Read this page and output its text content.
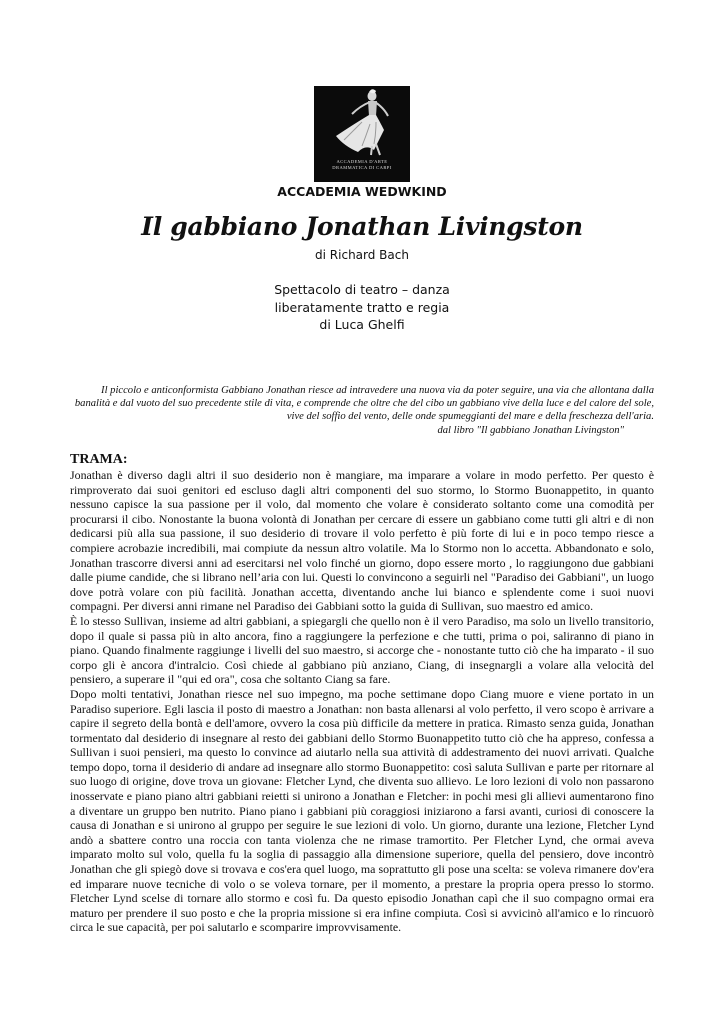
ACCADEMIA D'ARTE
DRAMMATICA DI CARPI
ACCADEMIA WEDWKIND
Il gabbiano Jonathan Livingston
di Richard Bach
Spettacolo di teatro – danza
liberatamente tratto e regia
di Luca Ghelfi
Il piccolo e anticonformista Gabbiano Jonathan riesce ad intravedere una nuova via da poter seguire, una via che allontana dalla banalità e dal vuoto del suo precedente stile di vita, e comprende che oltre che del cibo un gabbiano vive della luce e del calore del sole, vive del soffio del vento, delle onde spumeggianti del mare e della freschezza dell'aria.
dal libro "Il gabbiano Jonathan Livingston"
TRAMA:

Jonathan è diverso dagli altri il suo desiderio non è mangiare, ma imparare a volare in modo perfetto. Per questo è rimproverato dai suoi genitori ed escluso dagli altri componenti del suo stormo, lo Stormo Buonappetito, in quanto nessuno capisce la sua passione per il volo, dal momento che volare è considerato soltanto come una comodità per procurarsi il cibo. Nonostante la buona volontà di Jonathan per cercare di essere un gabbiano come tutti gli altri e di non dedicarsi più alla sua passione, il suo desiderio di trovare il volo perfetto è più forte di lui e in poco tempo riesce a compiere acrobazie incredibili, mai compiute da nessun altro volatile. Ma lo Stormo non lo accetta. Abbandonato e solo, Jonathan trascorre diversi anni ad esercitarsi nel volo finché un giorno, dopo essere morto , lo raggiungono due gabbiani dalle piume candide, che si librano nell’aria con lui. Questi lo convincono a seguirli nel "Paradiso dei Gabbiani", un luogo dove potrà volare con più facilità. Jonathan accetta, diventando anche lui bianco e splendente come i suoi nuovi compagni. Per diversi anni rimane nel Paradiso dei Gabbiani sotto la guida di Sullivan, suo maestro ed amico.

È lo stesso Sullivan, insieme ad altri gabbiani, a spiegargli che quello non è il vero Paradiso, ma solo un livello transitorio, dopo il quale si passa più in alto ancora, fino a raggiungere la perfezione e che tutti, prima o poi, saliranno di piano in piano. Quando finalmente raggiunge i livelli del suo maestro, si accorge che - nonostante tutto ciò che ha imparato - il suo corpo gli è ancora d'intralcio. Così chiede al gabbiano più anziano, Ciang, di insegnargli a volare alla velocità del pensiero, a superare il "qui ed ora", cosa che soltanto Ciang sa fare.

Dopo molti tentativi, Jonathan riesce nel suo impegno, ma poche settimane dopo Ciang muore e viene portato in un Paradiso superiore. Egli lascia il posto di maestro a Jonathan: non basta allenarsi al volo perfetto, il vero scopo è arrivare a capire il segreto della bontà e dell'amore, ovvero la cosa più difficile da mettere in pratica. Rimasto senza guida, Jonathan tormentato dal desiderio di insegnare al resto dei gabbiani dello Stormo Buonappetito tutto ciò che ha appreso, confessa a Sullivan i suoi pensieri, ma questo lo convince ad aiutarlo nella sua attività di addestramento dei nuovi arrivati. Qualche tempo dopo, torna il desiderio di andare ad insegnare allo stormo Buonappetito: così saluta Sullivan e parte per ritornare al suo luogo di origine, dove trova un giovane: Fletcher Lynd, che diventa suo allievo. Le loro lezioni di volo non passarono inosservate e piano piano altri gabbiani reietti si unirono a Jonathan e Fletcher: in pochi mesi gli allievi aumentarono fino a diventare un gruppo ben nutrito. Piano piano i gabbiani più coraggiosi iniziarono a farsi avanti, curiosi di conoscere la causa di Jonathan e si unirono al gruppo per seguire le sue lezioni di volo. Un giorno, durante una lezione, Fletcher Lynd andò a sbattere contro una roccia con tanta violenza che ne rimase tramortito. Per Fletcher Lynd, che ormai aveva imparato molto sul volo, quella fu la soglia di passaggio alla dimensione superiore, quella del pensiero, dove incontrò Jonathan che gli spiegò dove si trovava e cos'era quel luogo, ma soprattutto gli pose una scelta: se voleva rimanere dov'era ed imparare nuove tecniche di volo o se voleva tornare, per il momento, a prestare la propria opera presso lo stormo. Fletcher Lynd scelse di tornare allo stormo e così fu. Da questo episodio Jonathan capì che il suo compagno ormai era maturo per prendere il suo posto e che la propria missione si era infine compiuta. Così si avvicinò all'amico e lo rincuorò circa le sue capacità, per poi salutarlo e scomparire improvvisamente.
